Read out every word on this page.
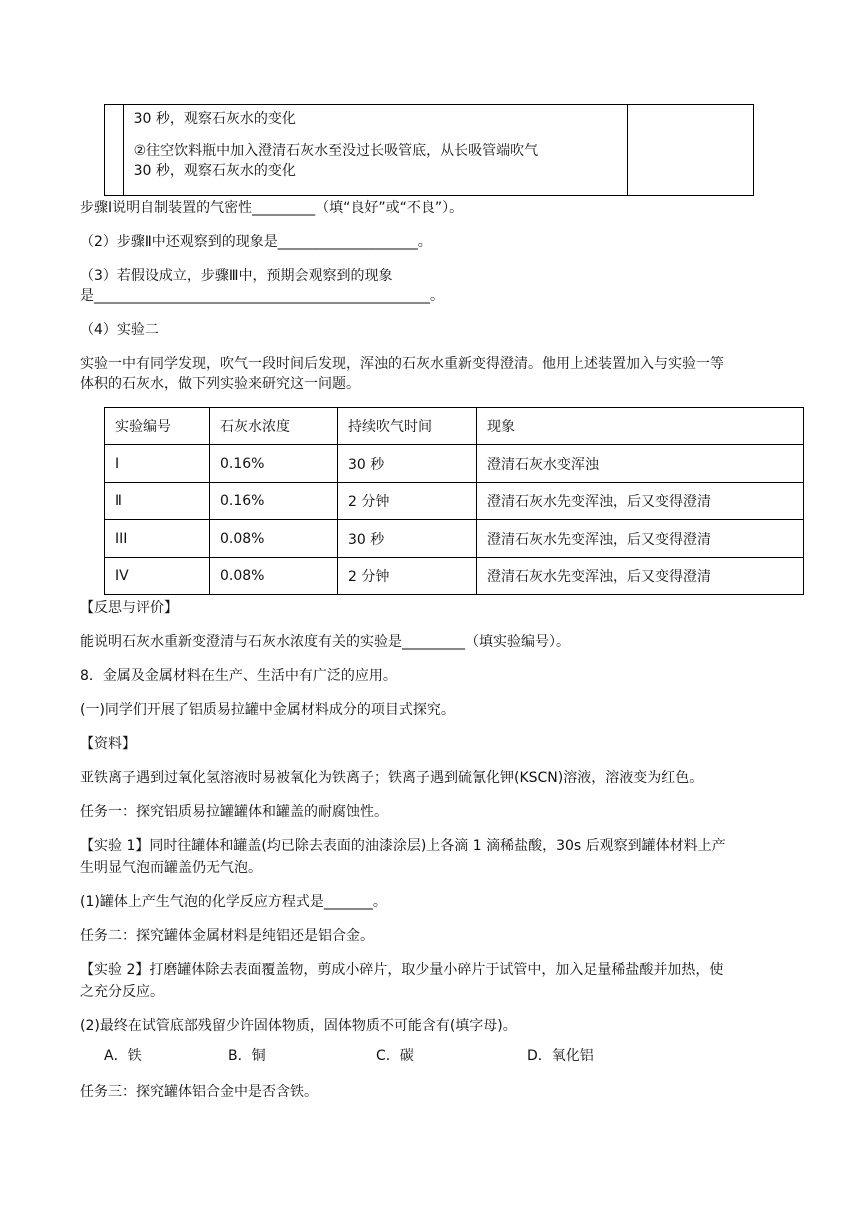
30 秒，观察石灰水的变化
②往空饮料瓶中加入澄清石灰水至没过长吸管底，从长吸管端吹气
30 秒，观察石灰水的变化

步骤Ⅰ说明自制装置的气密性_________（填“良好”或“不良”）。
（2）步骤Ⅱ中还观察到的现象是____________________。
（3）若假设成立，步骤Ⅲ中，预期会观察到的现象
是________________________________________________。
（4）实验二
实验一中有同学发现，吹气一段时间后发现，浑浊的石灰水重新变得澄清。他用上述装置加入与实验一等
体积的石灰水，做下列实验来研究这一问题。
实验编号	石灰水浓度	持续吹气时间	现象
I	0.16%	30 秒	澄清石灰水变浑浊
Ⅱ	0.16%	2 分钟	澄清石灰水先变浑浊，后又变得澄清
III	0.08%	30 秒	澄清石灰水先变浑浊，后又变得澄清
IV	0.08%	2 分钟	澄清石灰水先变浑浊，后又变得澄清
【反思与评价】
能说明石灰水重新变澄清与石灰水浓度有关的实验是_________（填实验编号）。
8．金属及金属材料在生产、生活中有广泛的应用。
(一)同学们开展了铝质易拉罐中金属材料成分的项目式探究。
【资料】
亚铁离子遇到过氧化氢溶液时易被氧化为铁离子；铁离子遇到硫氰化钾(KSCN)溶液，溶液变为红色。
任务一：探究铝质易拉罐罐体和罐盖的耐腐蚀性。
【实验 1】同时往罐体和罐盖(均已除去表面的油漆涂层)上各滴 1 滴稀盐酸，30s 后观察到罐体材料上产
生明显气泡而罐盖仍无气泡。
(1)罐体上产生气泡的化学反应方程式是_______。
任务二：探究罐体金属材料是纯铝还是铝合金。
【实验 2】打磨罐体除去表面覆盖物，剪成小碎片，取少量小碎片于试管中，加入足量稀盐酸并加热，使
之充分反应。
(2)最终在试管底部残留少许固体物质，固体物质不可能含有(填字母)。
A．铁	B．铜	C．碳	D．氧化铝
任务三：探究罐体铝合金中是否含铁。
